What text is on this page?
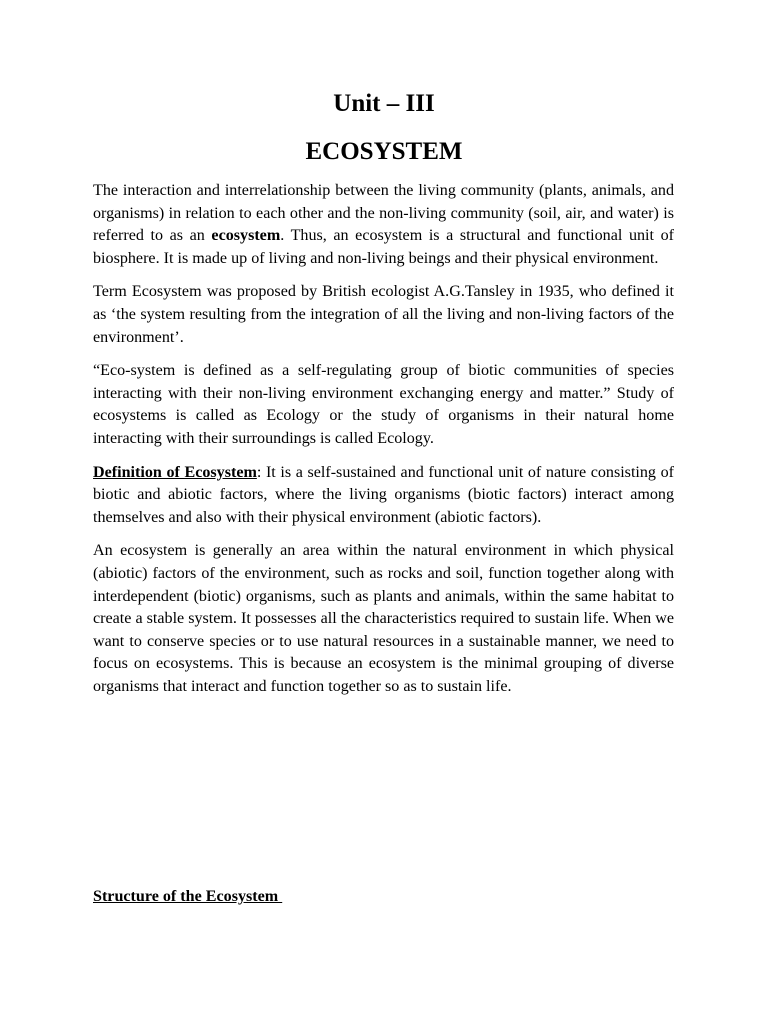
Unit – III
ECOSYSTEM

The interaction and interrelationship between the living community (plants, animals, and organisms) in relation to each other and the non-living community (soil, air, and water) is referred to as an ecosystem. Thus, an ecosystem is a structural and functional unit of biosphere. It is made up of living and non-living beings and their physical environment.

Term Ecosystem was proposed by British ecologist A.G.Tansley in 1935, who defined it as ‘the system resulting from the integration of all the living and non-living factors of the environment’.

“Eco-system is defined as a self-regulating group of biotic communities of species interacting with their non-living environment exchanging energy and matter.” Study of ecosystems is called as Ecology or the study of organisms in their natural home interacting with their surroundings is called Ecology.

Definition of Ecosystem: It is a self-sustained and functional unit of nature consisting of biotic and abiotic factors, where the living organisms (biotic factors) interact among themselves and also with their physical environment (abiotic factors).

An ecosystem is generally an area within the natural environment in which physical (abiotic) factors of the environment, such as rocks and soil, function together along with interdependent (biotic) organisms, such as plants and animals, within the same habitat to create a stable system. It possesses all the characteristics required to sustain life. When we want to conserve species or to use natural resources in a sustainable manner, we need to focus on ecosystems. This is because an ecosystem is the minimal grouping of diverse organisms that interact and function together so as to sustain life.

Structure of the Ecosystem
